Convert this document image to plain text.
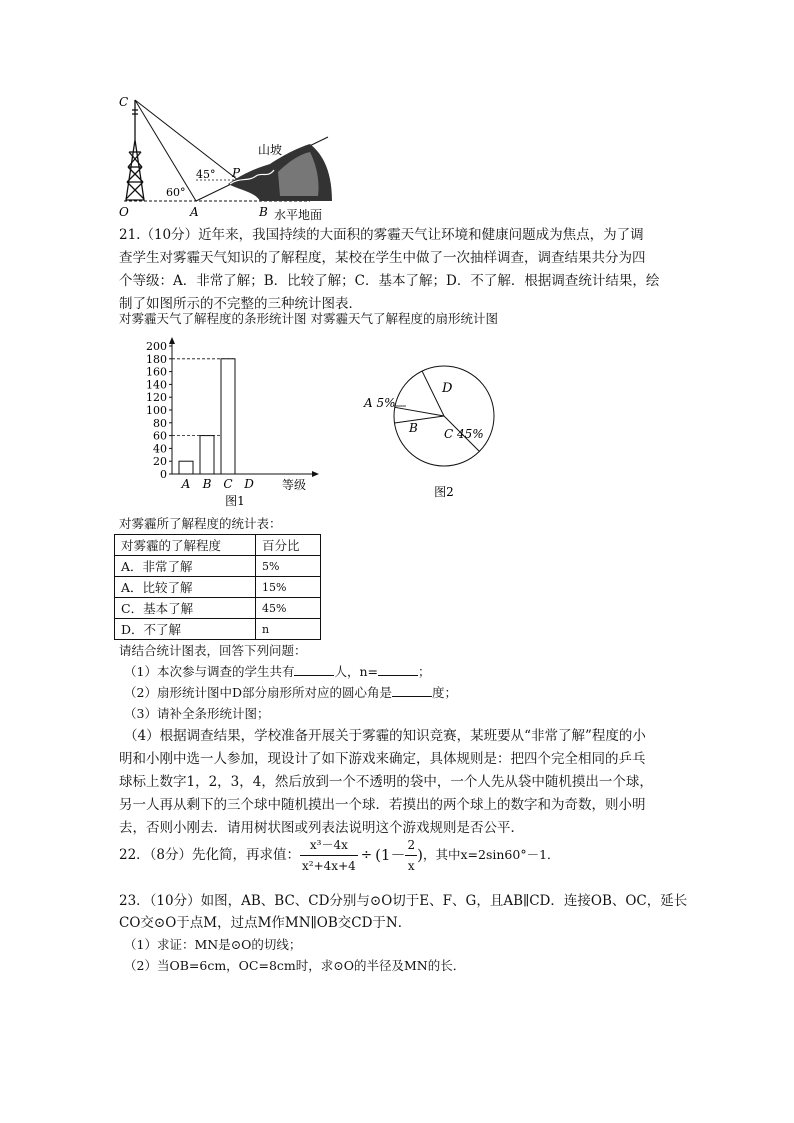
C
O	A	B
P
60°
45°
山坡
水平地面
21.（10分）近年来，我国持续的大面积的雾霾天气让环境和健康问题成为焦点，为了调
查学生对雾霾天气知识的了解程度，某校在学生中做了一次抽样调查，调查结果共分为四
个等级：A．非常了解；B．比较了解；C．基本了解；D．不了解．根据调查统计结果，绘
制了如图所示的不完整的三种统计图表．
对雾霾天气了解程度的条形统计图 对雾霾天气了解程度的扇形统计图
0
20
40
60
80
100
120
140
160
180
200
A B C D 等级
图1
A 5%
B C 45%
D
图2
对雾霾所了解程度的统计表：
对雾霾的了解程度	百分比
A．非常了解	5%
A．比较了解	15%
C．基本了解	45%
D．不了解	n
请结合统计图表，回答下列问题：
（1）本次参与调查的学生共有	人，n=	；
（2）扇形统计图中D部分扇形所对应的圆心角是	度；
（3）请补全条形统计图；
（4）根据调查结果，学校准备开展关于雾霾的知识竞赛，某班要从“非常了解”程度的小
明和小刚中选一人参加，现设计了如下游戏来确定，具体规则是：把四个完全相同的乒乓
球标上数字1，2，3，4，然后放到一个不透明的袋中，一个人先从袋中随机摸出一个球，
另一人再从剩下的三个球中随机摸出一个球．若摸出的两个球上的数字和为奇数，则小明
去，否则小刚去．请用树状图或列表法说明这个游戏规则是否公平．
22．（8分）先化简，再求值： $\frac{\text{x³－4x}}{\text{x²+4x+4}} \div (1- \frac{2}{x}$ ) ，其中x=2sin60°－1．
23．（10分）如图，AB、BC、CD分别与⊙O切于E、F、G，且AB∥CD．连接OB、OC，延长
CO交⊙O于点M，过点M作MN∥OB交CD于N．
（1）求证：MN是⊙O的切线；
（2）当OB=6cm，OC=8cm时，求⊙O的半径及MN的长．
